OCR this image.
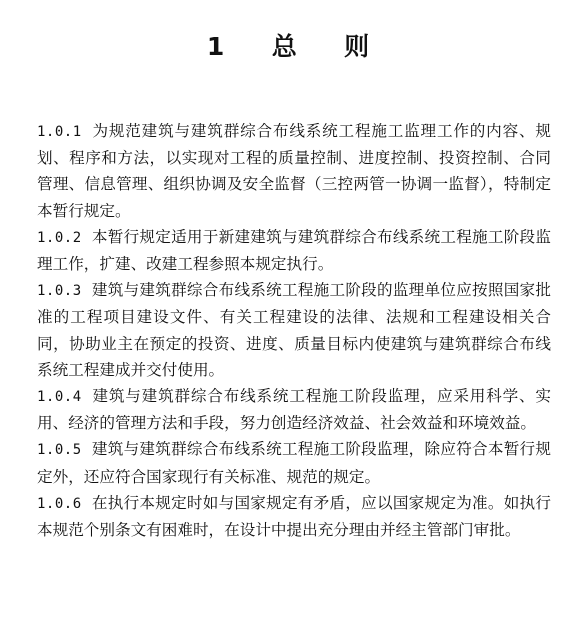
1  总  则

1.0.1 为规范建筑与建筑群综合布线系统工程施工监理工作的内容、规划、程序和方法，以实现对工程的质量控制、进度控制、投资控制、合同管理、信息管理、组织协调及安全监督（三控两管一协调一监督），特制定本暂行规定。

1.0.2 本暂行规定适用于新建建筑与建筑群综合布线系统工程施工阶段监理工作，扩建、改建工程参照本规定执行。

1.0.3 建筑与建筑群综合布线系统工程施工阶段的监理单位应按照国家批准的工程项目建设文件、有关工程建设的法律、法规和工程建设相关合同，协助业主在预定的投资、进度、质量目标内使建筑与建筑群综合布线系统工程建成并交付使用。

1.0.4 建筑与建筑群综合布线系统工程施工阶段监理，应采用科学、实用、经济的管理方法和手段，努力创造经济效益、社会效益和环境效益。

1.0.5 建筑与建筑群综合布线系统工程施工阶段监理，除应符合本暂行规定外，还应符合国家现行有关标准、规范的规定。

1.0.6 在执行本规定时如与国家规定有矛盾，应以国家规定为准。如执行本规范个别条文有困难时，在设计中提出充分理由并经主管部门审批。
